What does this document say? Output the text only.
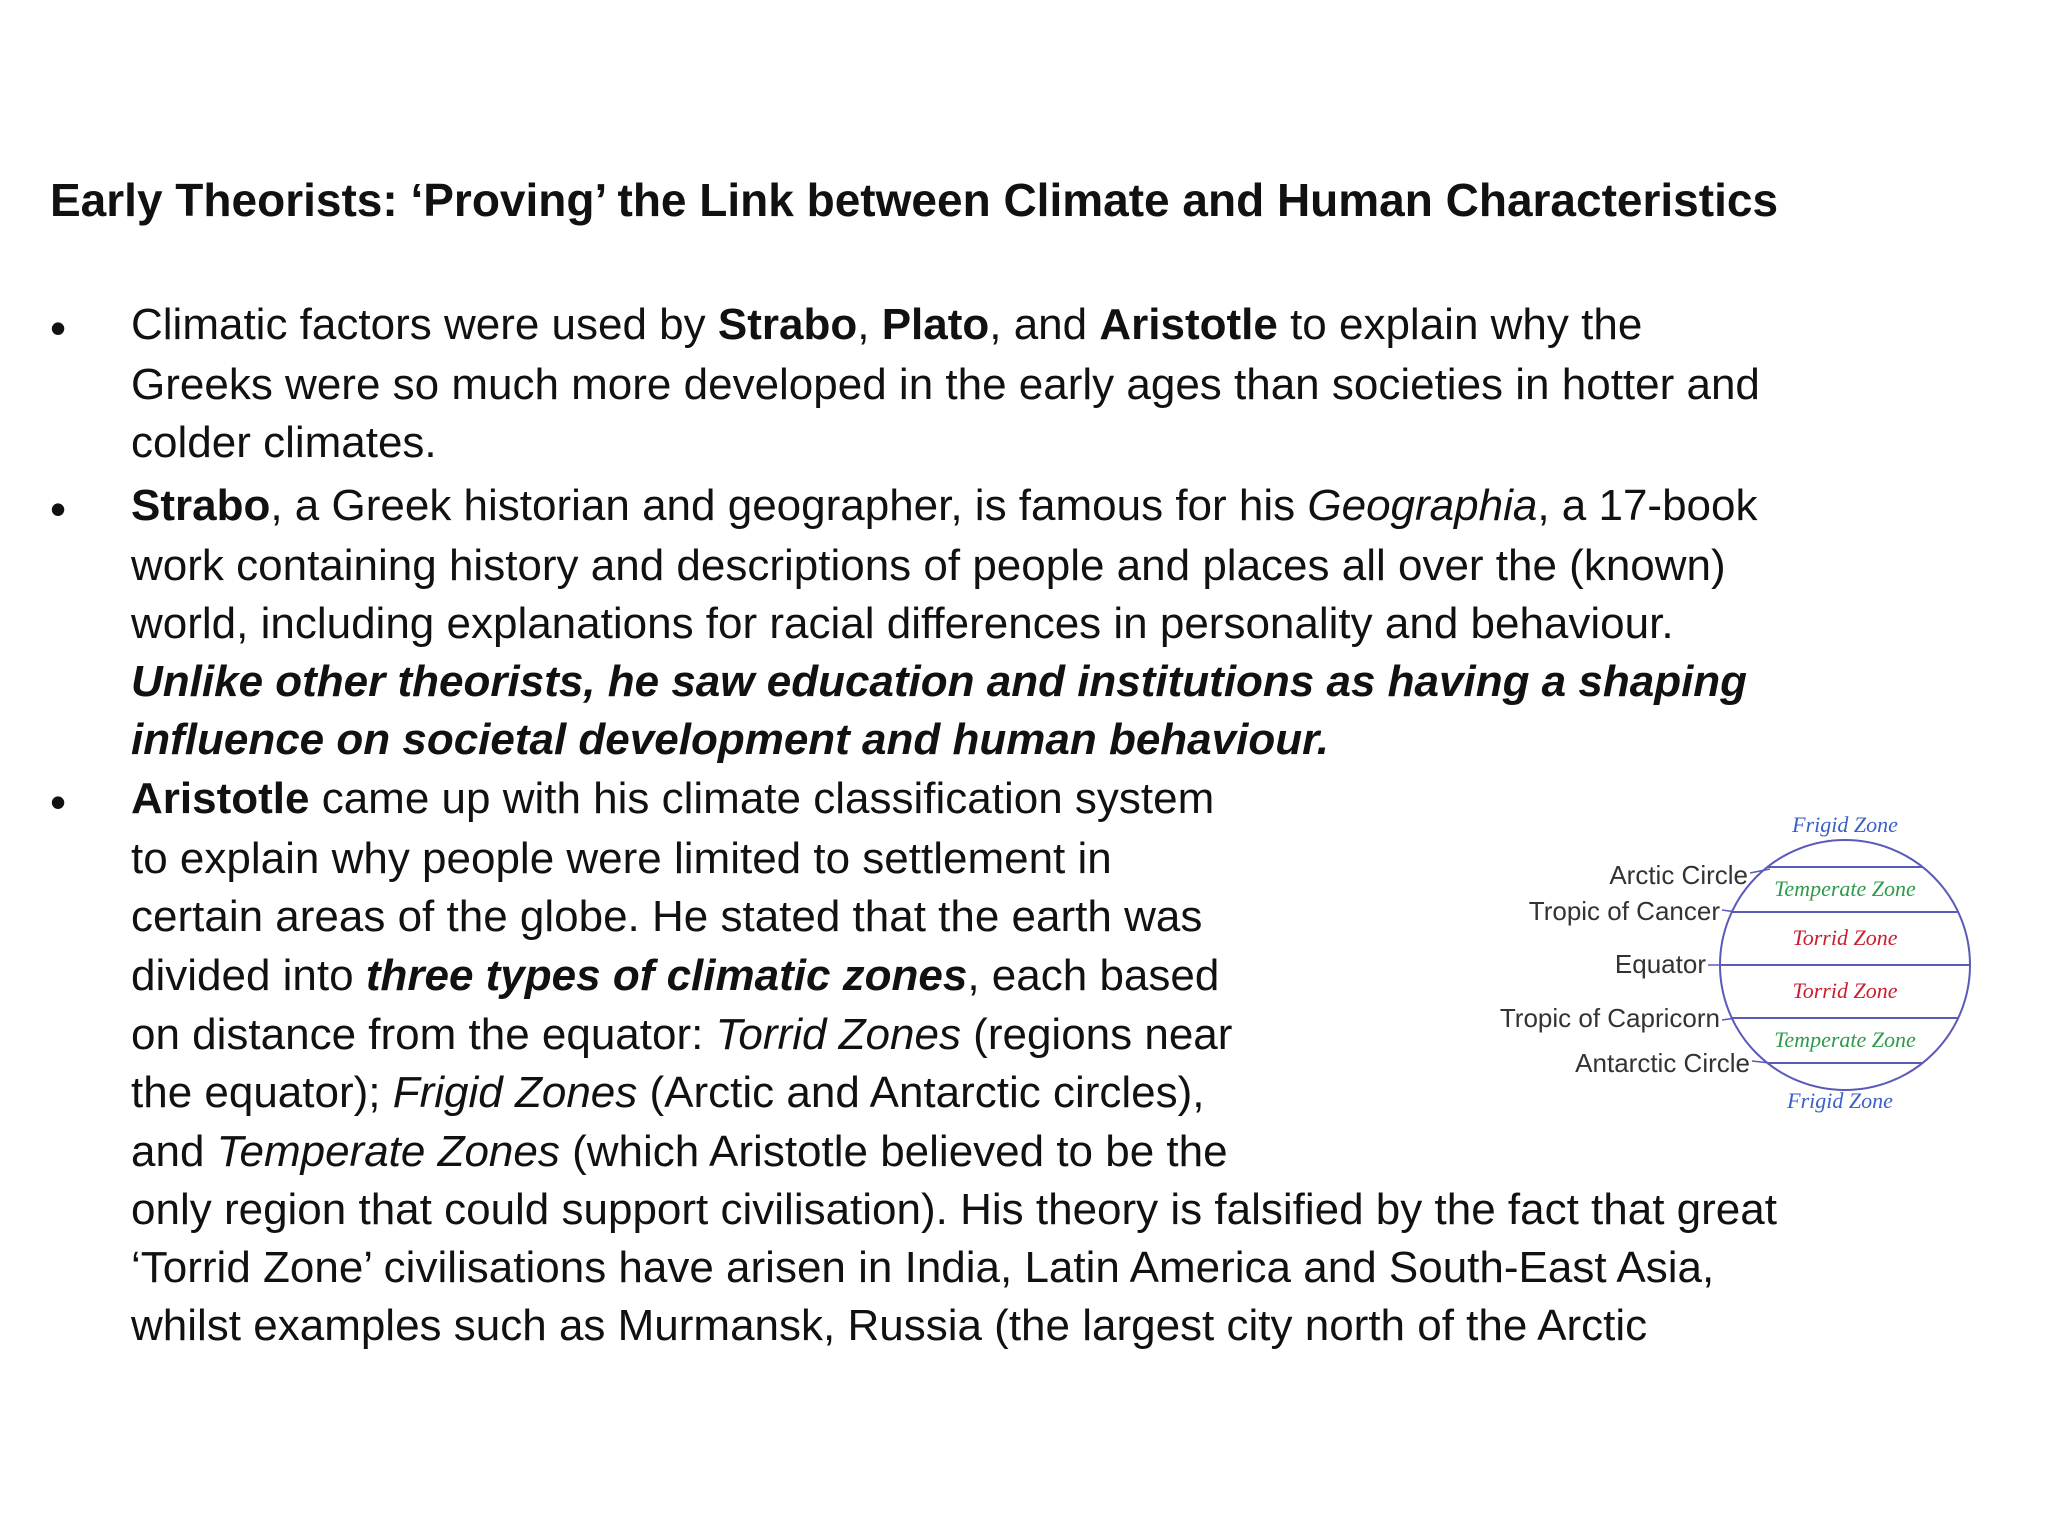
Early Theorists: ‘Proving’ the Link between Climate and Human Characteristics
• Climatic factors were used by Strabo, Plato, and Aristotle to explain why the
Greeks were so much more developed in the early ages than societies in hotter and
colder climates.
• Strabo, a Greek historian and geographer, is famous for his Geographia, a 17-book
work containing history and descriptions of people and places all over the (known)
world, including explanations for racial differences in personality and behaviour.
Unlike other theorists, he saw education and institutions as having a shaping
influence on societal development and human behaviour.
• Aristotle came up with his climate classification system
to explain why people were limited to settlement in
certain areas of the globe. He stated that the earth was
divided into three types of climatic zones, each based
on distance from the equator: Torrid Zones (regions near
the equator); Frigid Zones (Arctic and Antarctic circles),
and Temperate Zones (which Aristotle believed to be the
only region that could support civilisation). His theory is falsified by the fact that great
‘Torrid Zone’ civilisations have arisen in India, Latin America and South-East Asia,
whilst examples such as Murmansk, Russia (the largest city north of the Arctic
Arctic Circle
Tropic of Cancer
Equator
Tropic of Capricorn
Antarctic Circle
Frigid Zone
Temperate Zone
Torrid Zone
Torrid Zone
Temperate Zone
Frigid Zone
